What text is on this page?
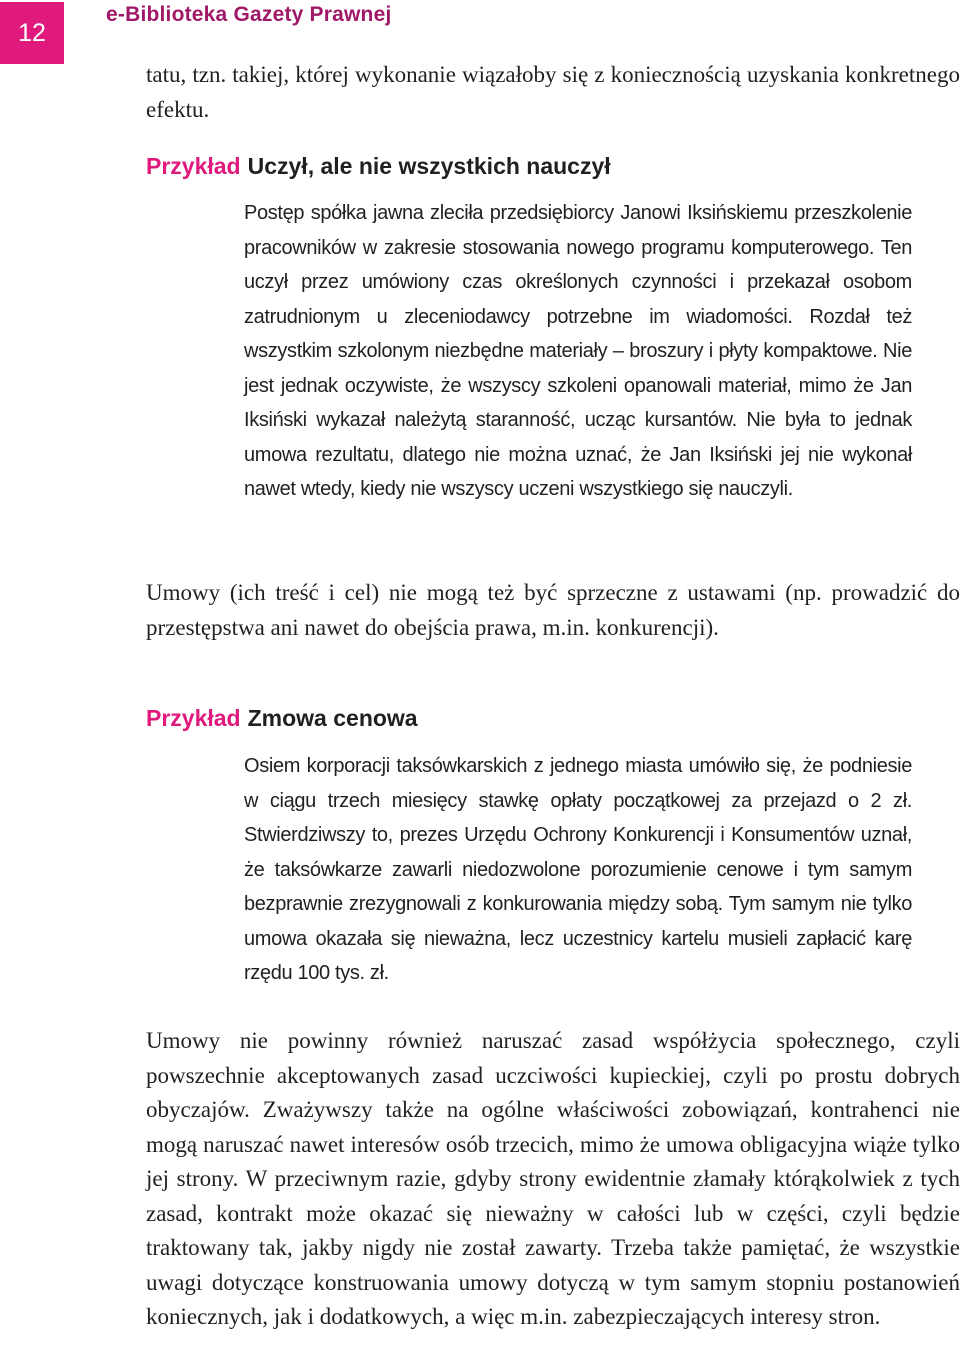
12
e-Biblioteka Gazety Prawnej

tatu, tzn. takiej, której wykonanie wiązałoby się z koniecznością uzyskania konkretnego efektu.

Przykład Uczył, ale nie wszystkich nauczył
Postęp spółka jawna zleciła przedsiębiorcy Janowi Iksińskiemu przeszkolenie pracowników w zakresie stosowania nowego programu komputerowego. Ten uczył przez umówiony czas określonych czynności i przekazał osobom zatrudnionym u zleceniodawcy potrzebne im wiadomości. Rozdał też wszystkim szkolonym niezbędne materiały – broszury i płyty kompaktowe. Nie jest jednak oczywiste, że wszyscy szkoleni opanowali materiał, mimo że Jan Iksiński wykazał należytą staranność, ucząc kursantów. Nie była to jednak umowa rezultatu, dlatego nie można uznać, że Jan Iksiński jej nie wykonał nawet wtedy, kiedy nie wszyscy uczeni wszystkiego się nauczyli.

Umowy (ich treść i cel) nie mogą też być sprzeczne z ustawami (np. prowadzić do przestępstwa ani nawet do obejścia prawa, m.in. konkurencji).

Przykład Zmowa cenowa
Osiem korporacji taksówkarskich z jednego miasta umówiło się, że podniesie w ciągu trzech miesięcy stawkę opłaty początkowej za przejazd o 2 zł. Stwierdziwszy to, prezes Urzędu Ochrony Konkurencji i Konsumentów uznał, że taksówkarze zawarli niedozwolone porozumienie cenowe i tym samym bezprawnie zrezygnowali z konkurowania między sobą. Tym samym nie tylko umowa okazała się nieważna, lecz uczestnicy kartelu musieli zapłacić karę rzędu 100 tys. zł.

Umowy nie powinny również naruszać zasad współżycia społecznego, czyli powszechnie akceptowanych zasad uczciwości kupieckiej, czyli po prostu dobrych obyczajów. Zważywszy także na ogólne właściwości zobowiązań, kontrahenci nie mogą naruszać nawet interesów osób trzecich, mimo że umowa obligacyjna wiąże tylko jej strony. W przeciwnym razie, gdyby strony ewidentnie złamały którąkolwiek z tych zasad, kontrakt może okazać się nieważny w całości lub w części, czyli będzie traktowany tak, jakby nigdy nie został zawarty. Trzeba także pamiętać, że wszystkie uwagi dotyczące konstruowania umowy dotyczą w tym samym stopniu postanowień koniecznych, jak i dodatkowych, a więc m.in. zabezpieczających interesy stron.
